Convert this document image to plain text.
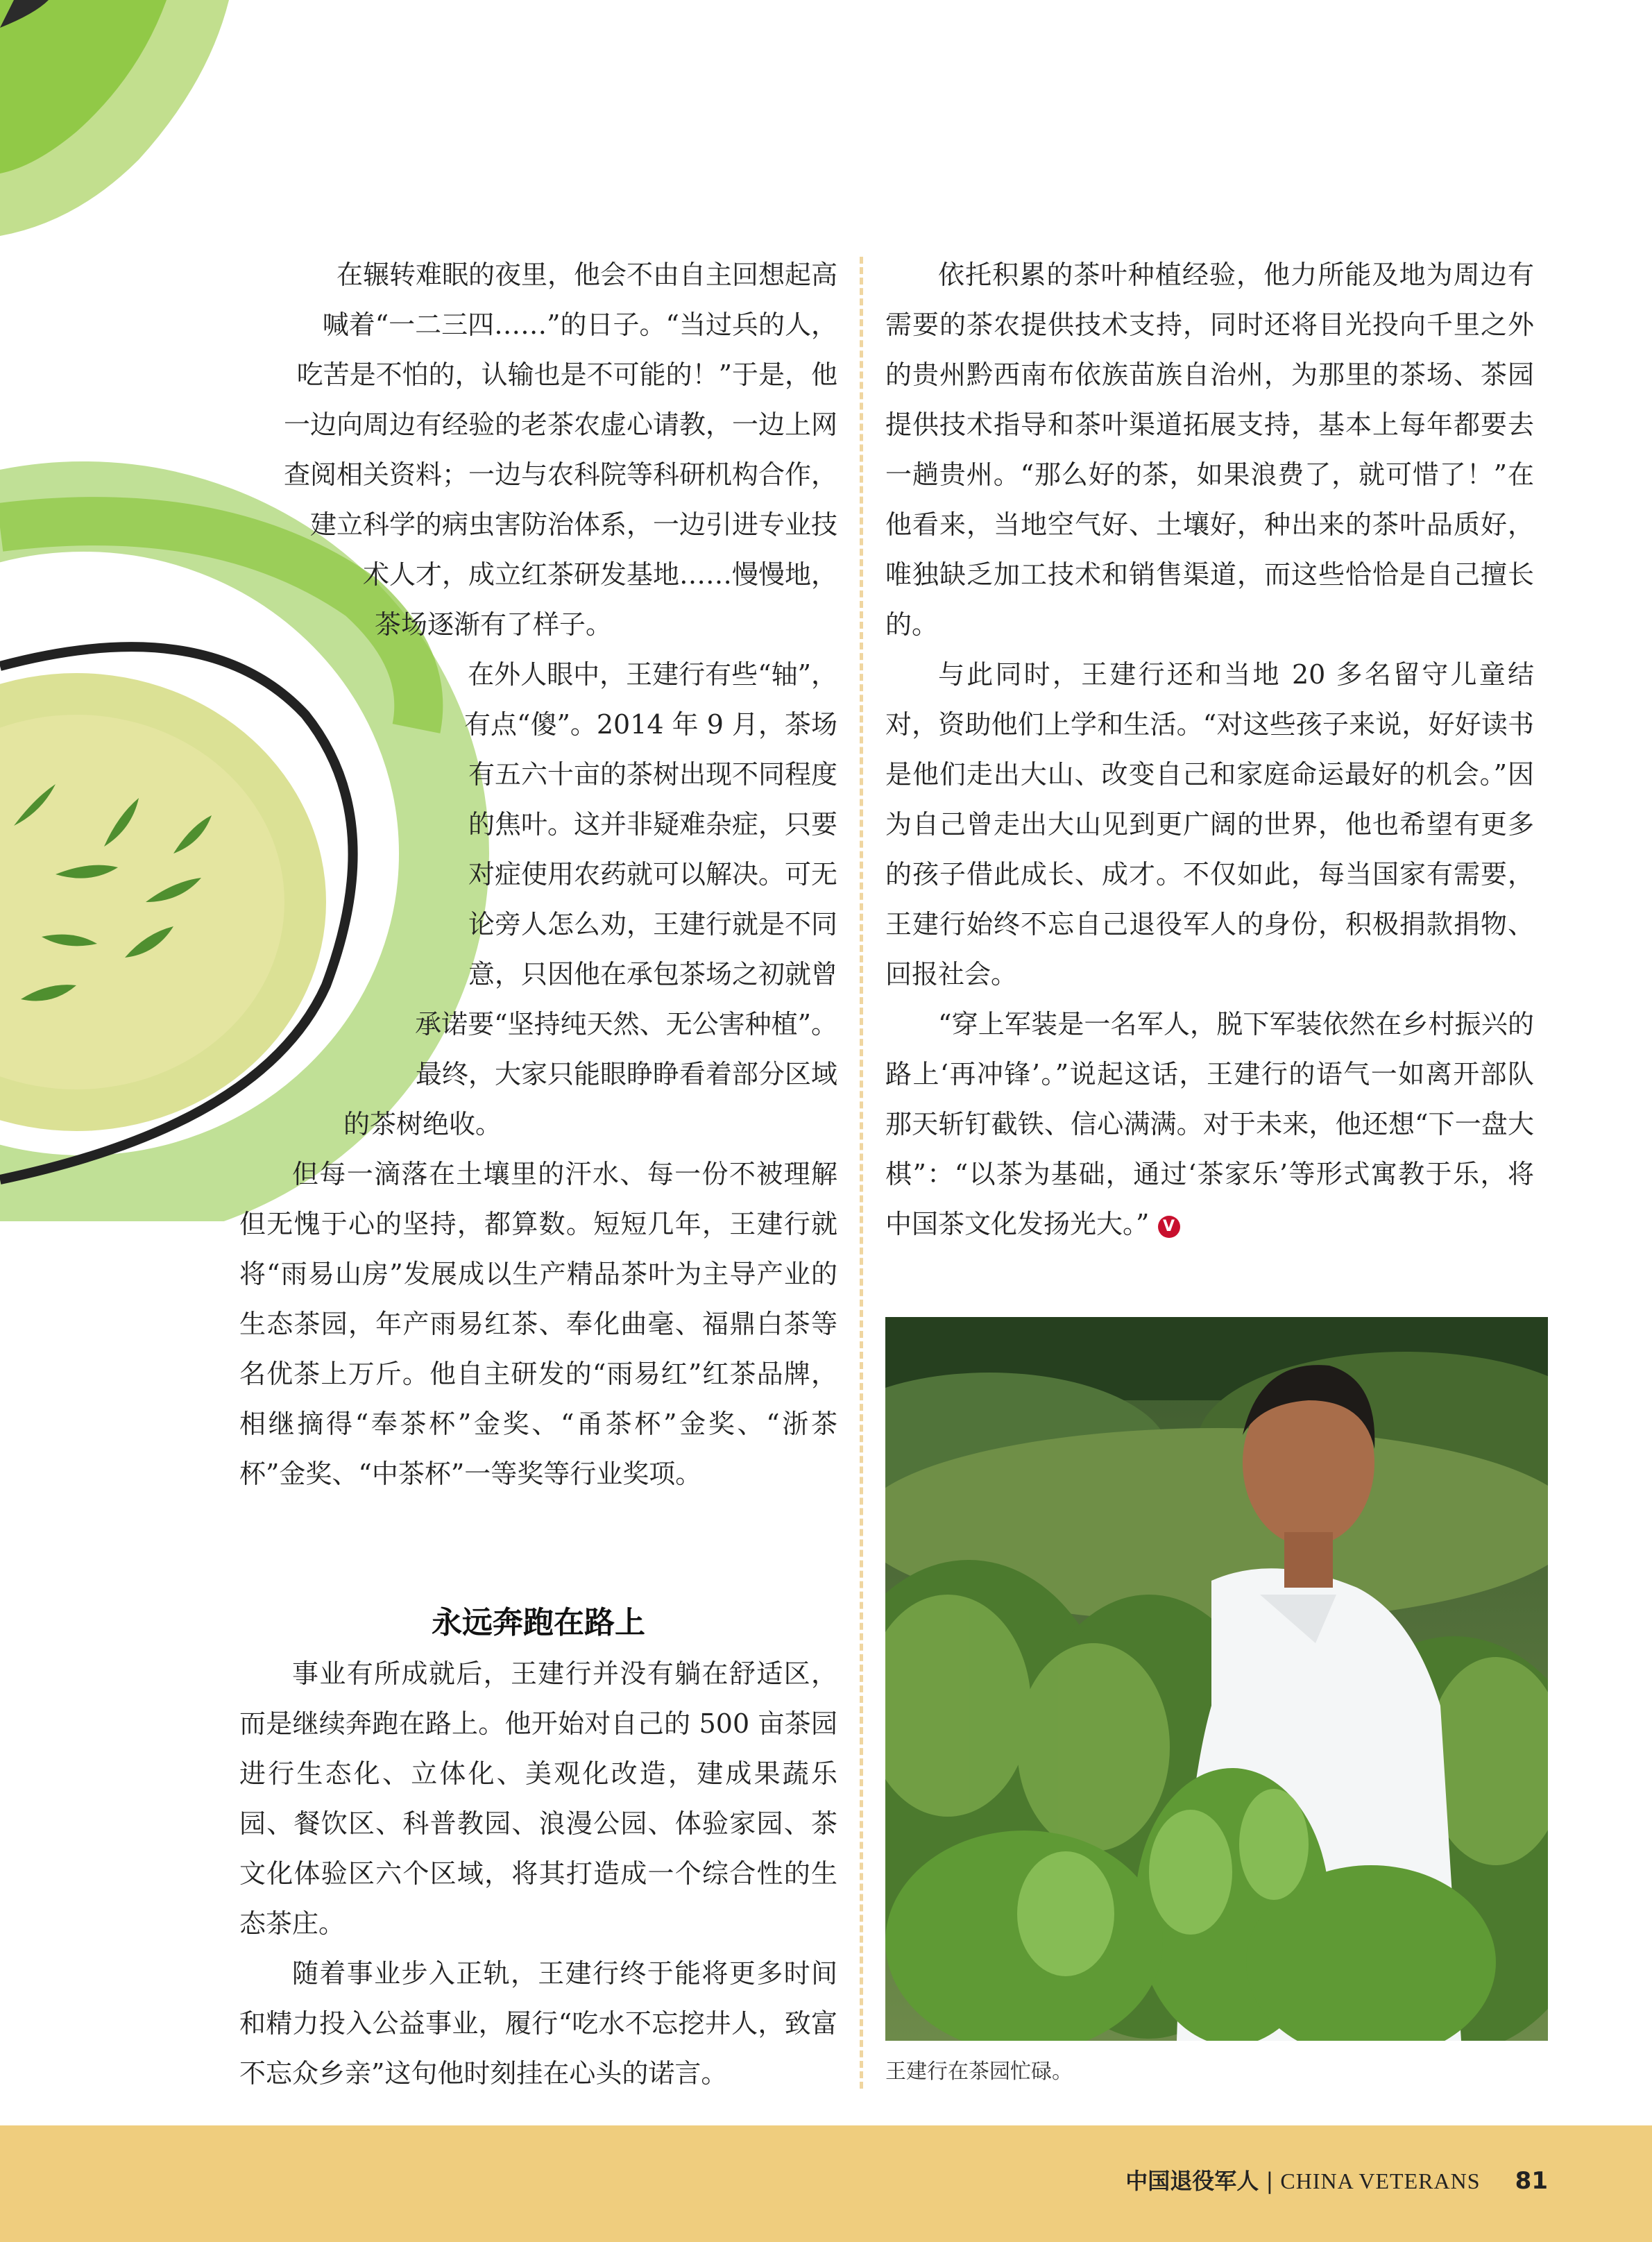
在辗转难眠的夜里，他会不由自主回想起高
喊着“一二三四……”的日子。“当过兵的人，
吃苦是不怕的，认输也是不可能的！”于是，他
一边向周边有经验的老茶农虚心请教，一边上网
查阅相关资料；一边与农科院等科研机构合作，
建立科学的病虫害防治体系，一边引进专业技
术人才，成立红茶研发基地……慢慢地，
茶场逐渐有了样子。
在外人眼中，王建行有些“轴”，
有点“傻”。2014 年 9 月，茶场
有五六十亩的茶树出现不同程度
的焦叶。这并非疑难杂症，只要
对症使用农药就可以解决。可无
论旁人怎么劝，王建行就是不同
意，只因他在承包茶场之初就曾
承诺要“坚持纯天然、无公害种植”。
最终，大家只能眼睁睁看着部分区域
的茶树绝收。

但每一滴落在土壤里的汗水、每一份不被理解但无愧于心的坚持，都算数。短短几年，王建行就将“雨易山房”发展成以生产精品茶叶为主导产业的生态茶园，年产雨易红茶、奉化曲毫、福鼎白茶等名优茶上万斤。他自主研发的“雨易红”红茶品牌，相继摘得“奉茶杯”金奖、“甬茶杯”金奖、“浙茶杯”金奖、“中茶杯”一等奖等行业奖项。

永远奔跑在路上

事业有所成就后，王建行并没有躺在舒适区，而是继续奔跑在路上。他开始对自己的 500 亩茶园进行生态化、立体化、美观化改造，建成果蔬乐园、餐饮区、科普教园、浪漫公园、体验家园、茶文化体验区六个区域，将其打造成一个综合性的生态茶庄。

随着事业步入正轨，王建行终于能将更多时间和精力投入公益事业，履行“吃水不忘挖井人，致富不忘众乡亲”这句他时刻挂在心头的诺言。

依托积累的茶叶种植经验，他力所能及地为周边有需要的茶农提供技术支持，同时还将目光投向千里之外的贵州黔西南布依族苗族自治州，为那里的茶场、茶园提供技术指导和茶叶渠道拓展支持，基本上每年都要去一趟贵州。“那么好的茶，如果浪费了，就可惜了！”在他看来，当地空气好、土壤好，种出来的茶叶品质好，唯独缺乏加工技术和销售渠道，而这些恰恰是自己擅长的。

与此同时，王建行还和当地 20 多名留守儿童结对，资助他们上学和生活。“对这些孩子来说，好好读书是他们走出大山、改变自己和家庭命运最好的机会。”因为自己曾走出大山见到更广阔的世界，他也希望有更多的孩子借此成长、成才。不仅如此，每当国家有需要，王建行始终不忘自己退役军人的身份，积极捐款捐物、回报社会。

“穿上军装是一名军人，脱下军装依然在乡村振兴的路上‘再冲锋’。”说起这话，王建行的语气一如离开部队那天斩钉截铁、信心满满。对于未来，他还想“下一盘大棋”：“以茶为基础，通过‘茶家乐’等形式寓教于乐，将中国茶文化发扬光大。” V

王建行在茶园忙碌。
中国退役军人 | CHINA VETERANS 81
